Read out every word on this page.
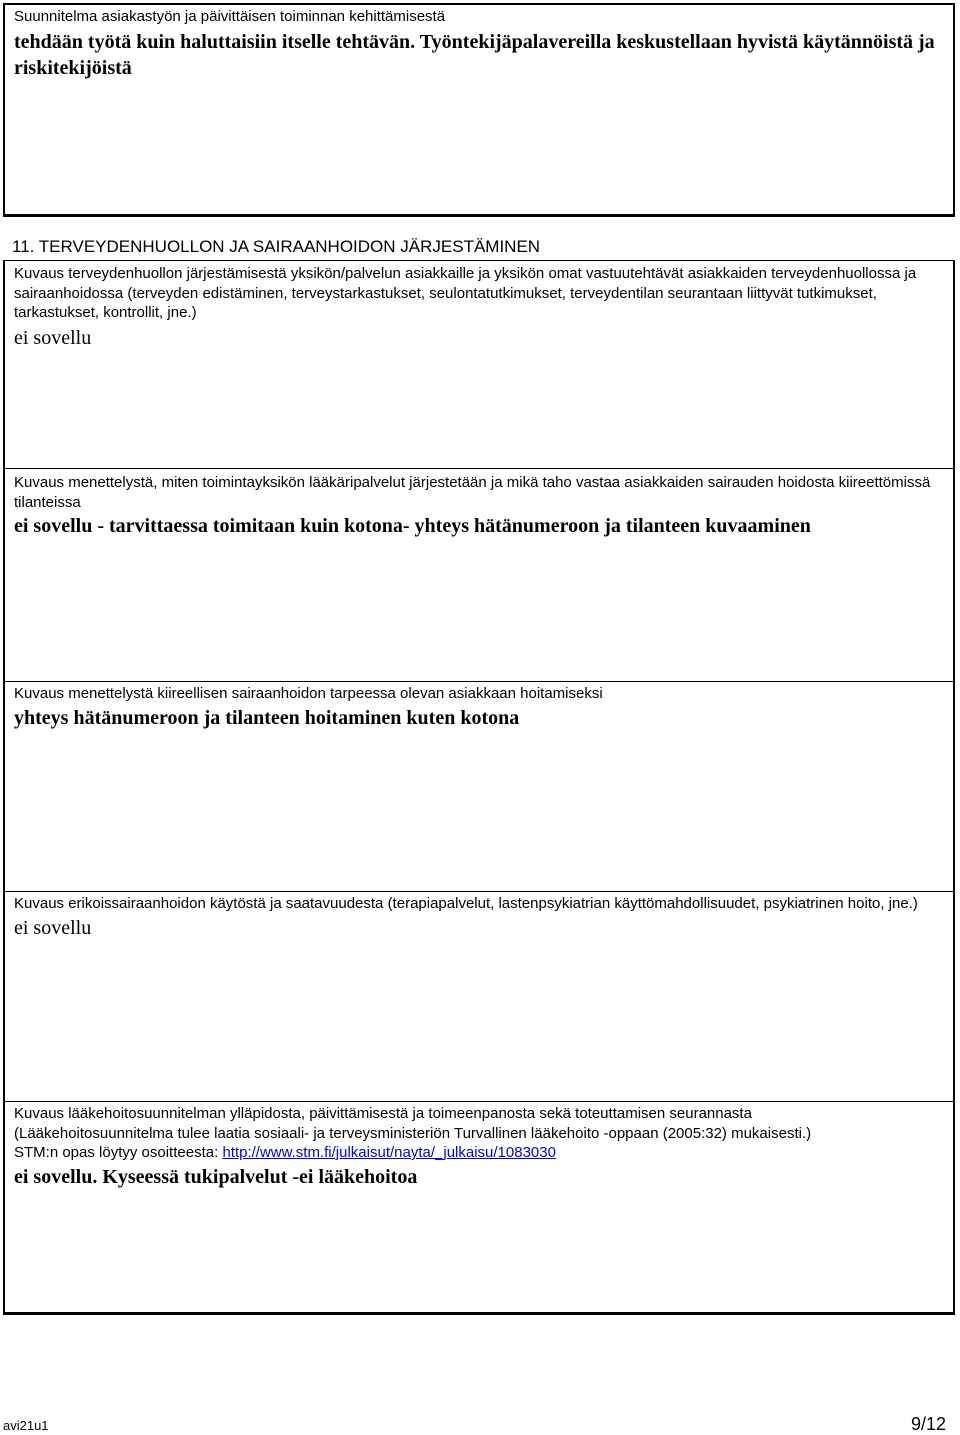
Suunnitelma asiakastyön ja päivittäisen toiminnan kehittämisestä
tehdään työtä kuin haluttaisiin itselle tehtävän. Työntekijäpalavereilla keskustellaan hyvistä käytännöistä ja riskitekijöistä
11. TERVEYDENHUOLLON JA SAIRAANHOIDON JÄRJESTÄMINEN
Kuvaus terveydenhuollon järjestämisestä yksikön/palvelun asiakkaille ja yksikön omat vastuutehtävät asiakkaiden terveydenhuollossa ja sairaanhoidossa (terveyden edistäminen, terveystarkastukset, seulontatutkimukset, terveydentilan seurantaan liittyvät tutkimukset, tarkastukset, kontrollit, jne.)
ei sovellu
Kuvaus menettelystä, miten toimintayksikön lääkäripalvelut järjestetään ja mikä taho vastaa asiakkaiden sairauden hoidosta kiireettömissä tilanteissa
ei sovellu - tarvittaessa toimitaan kuin kotona- yhteys hätänumeroon ja tilanteen kuvaaminen
Kuvaus menettelystä kiireellisen sairaanhoidon tarpeessa olevan asiakkaan hoitamiseksi
yhteys hätänumeroon ja tilanteen hoitaminen kuten kotona
Kuvaus erikoissairaanhoidon käytöstä ja saatavuudesta (terapiapalvelut, lastenpsykiatrian käyttömahdollisuudet, psykiatrinen hoito, jne.)
ei sovellu
Kuvaus lääkehoitosuunnitelman ylläpidosta, päivittämisestä ja toimeenpanosta sekä toteuttamisen seurannasta
(Lääkehoitosuunnitelma tulee laatia sosiaali- ja terveysministeriön Turvallinen lääkehoito -oppaan (2005:32) mukaisesti.)
STM:n opas löytyy osoitteesta: http://www.stm.fi/julkaisut/nayta/_julkaisu/1083030
ei sovellu. Kyseessä tukipalvelut -ei lääkehoitoa
avi21u1	9/12
